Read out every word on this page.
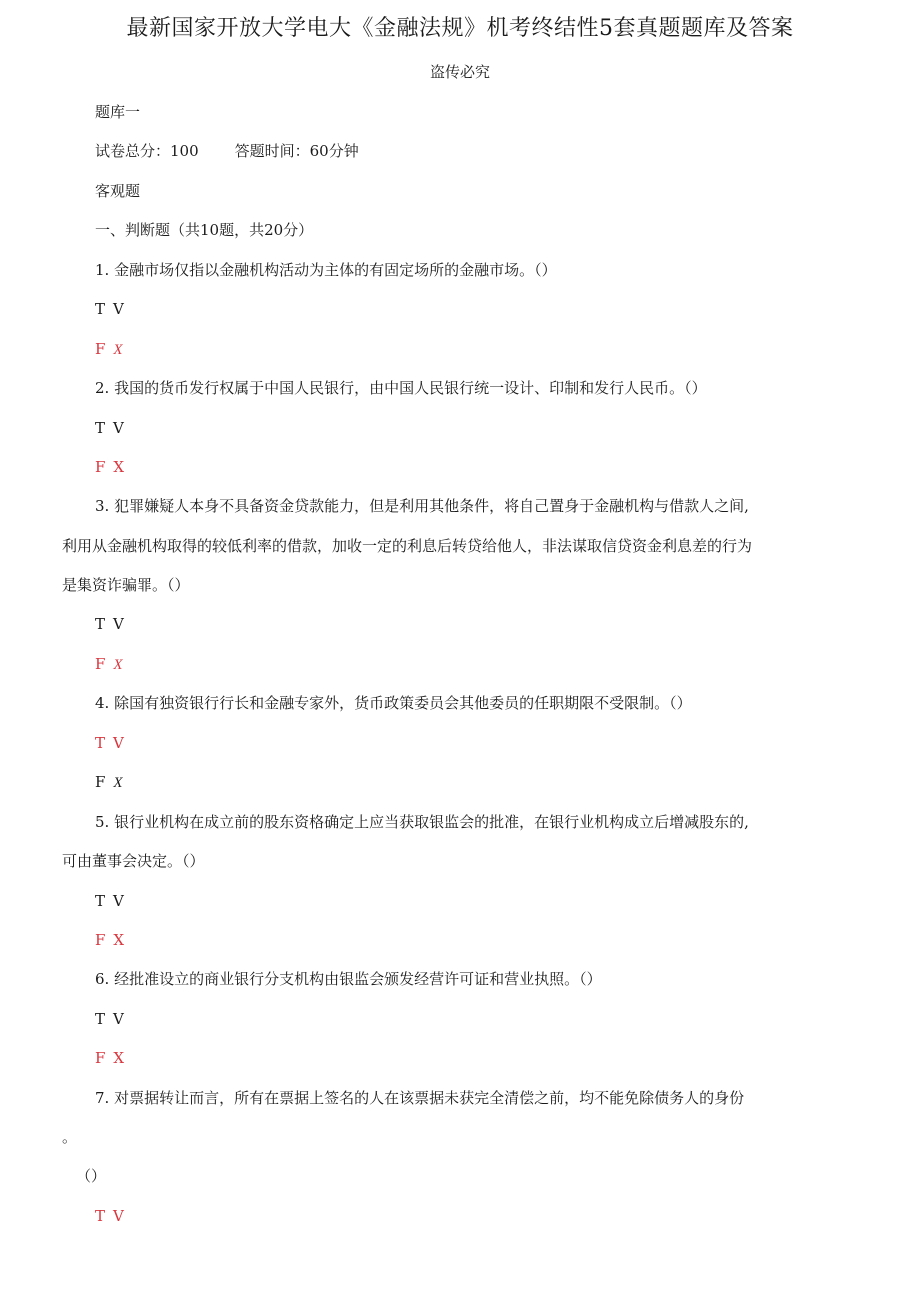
最新国家开放大学电大《金融法规》机考终结性5套真题题库及答案
盗传必究
题库一
试卷总分：100 答题时间：60分钟
客观题
一、判断题（共10题，共20分）
1. 金融市场仅指以金融机构活动为主体的有固定场所的金融市场。（）
T V
F X
2. 我国的货币发行权属于中国人民银行，由中国人民银行统一设计、印制和发行人民币。（）
T V
F X
3. 犯罪嫌疑人本身不具备资金贷款能力，但是利用其他条件，将自己置身于金融机构与借款人之间,
利用从金融机构取得的较低利率的借款，加收一定的利息后转贷给他人，非法谋取信贷资金利息差的行为
是集资诈骗罪。（）
T V
F X
4. 除国有独资银行行长和金融专家外，货币政策委员会其他委员的任职期限不受限制。（）
T V
F X
5. 银行业机构在成立前的股东资格确定上应当获取银监会的批准，在银行业机构成立后增减股东的,
可由董事会决定。（）
T V
F X
6. 经批准设立的商业银行分支机构由银监会颁发经营许可证和营业执照。（）
T V
F X
7. 对票据转让而言，所有在票据上签名的人在该票据未获完全清偿之前，均不能免除债务人的身份
。
（）
T V
